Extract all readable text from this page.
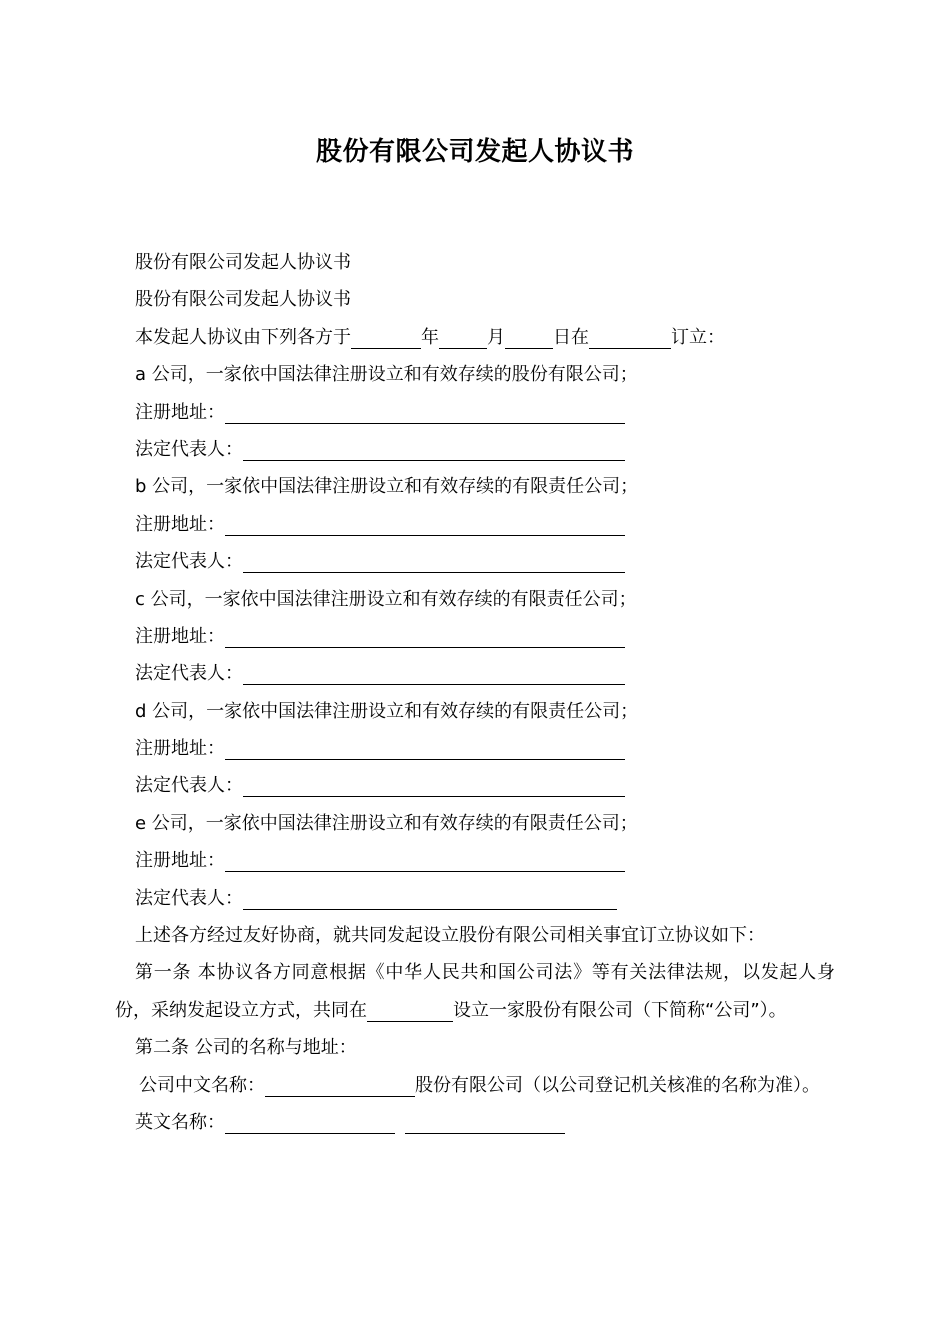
股份有限公司发起人协议书
股份有限公司发起人协议书
股份有限公司发起人协议书
本发起人协议由下列各方于	年	月	日在	订立：
a 公司，一家依中国法律注册设立和有效存续的股份有限公司；
注册地址：
法定代表人：
b 公司，一家依中国法律注册设立和有效存续的有限责任公司；
注册地址：
法定代表人：
c 公司，一家依中国法律注册设立和有效存续的有限责任公司；
注册地址：
法定代表人：
d 公司，一家依中国法律注册设立和有效存续的有限责任公司；
注册地址：
法定代表人：
e 公司，一家依中国法律注册设立和有效存续的有限责任公司；
注册地址：
法定代表人：
上述各方经过友好协商，就共同发起设立股份有限公司相关事宜订立协议如下：
第一条 本协议各方同意根据《中华人民共和国公司法》等有关法律法规，以发起人身份，采纳发起设立方式，共同在	设立一家股份有限公司（下简称“公司”）。
第二条 公司的名称与地址：
公司中文名称：	股份有限公司（以公司登记机关核准的名称为准）。
英文名称：
